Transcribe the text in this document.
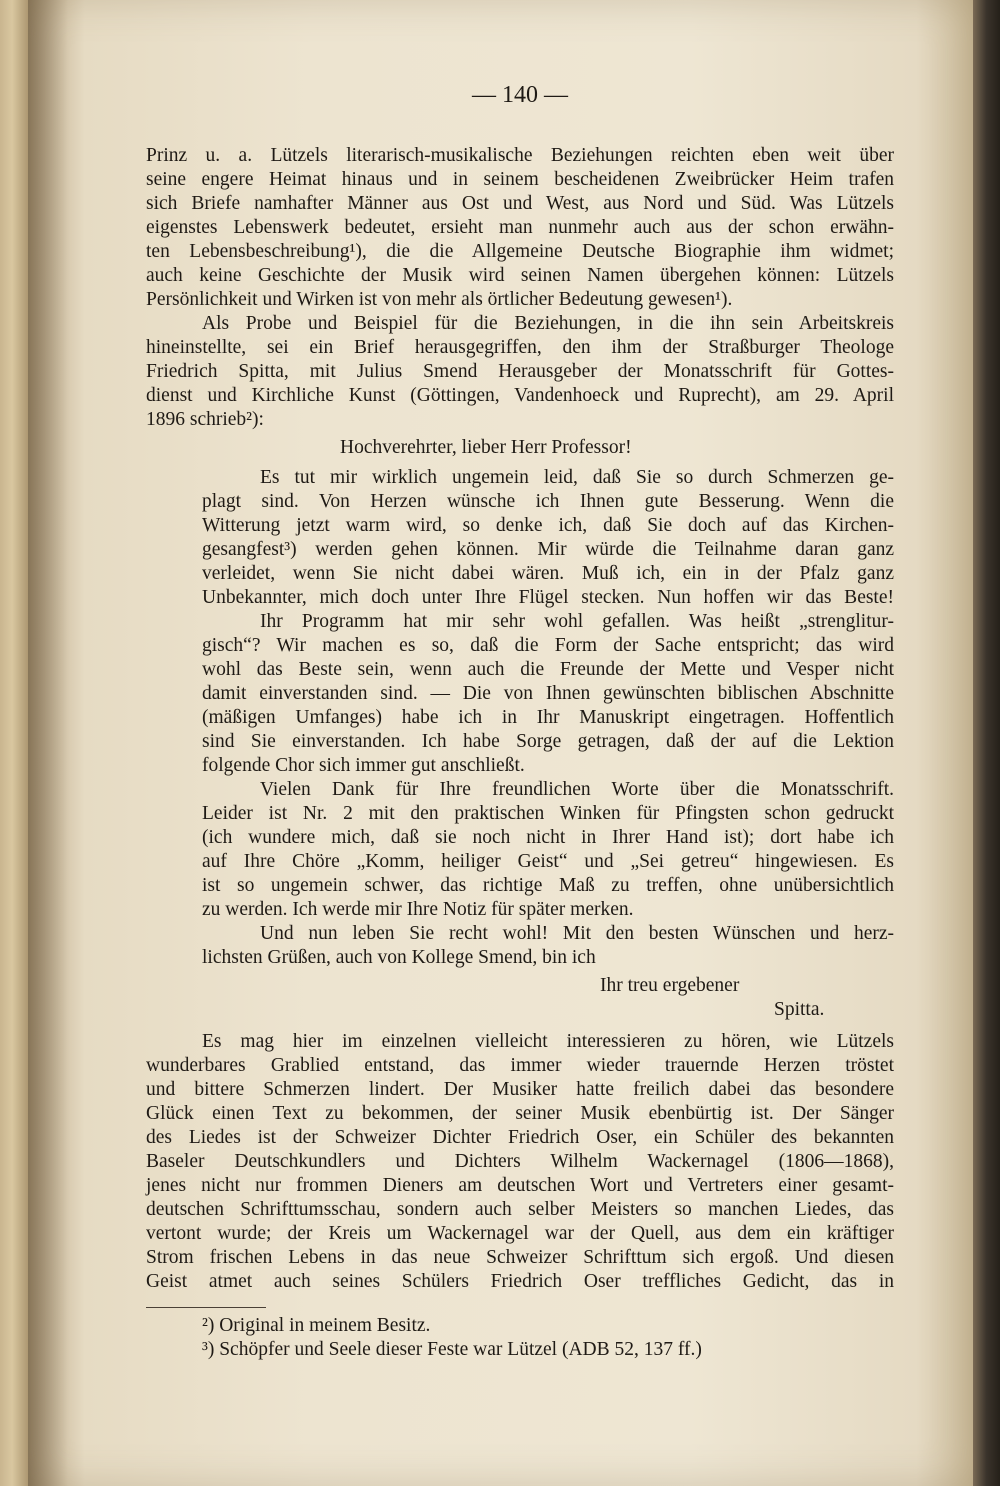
— 140 —
Prinz u. a. Lützels literarisch-musikalische Beziehungen reichten eben weit über
seine engere Heimat hinaus und in seinem bescheidenen Zweibrücker Heim trafen
sich Briefe namhafter Männer aus Ost und West, aus Nord und Süd. Was Lützels
eigenstes Lebenswerk bedeutet, ersieht man nunmehr auch aus der schon erwähn-
ten Lebensbeschreibung¹), die die Allgemeine Deutsche Biographie ihm widmet;
auch keine Geschichte der Musik wird seinen Namen übergehen können: Lützels
Persönlichkeit und Wirken ist von mehr als örtlicher Bedeutung gewesen¹).
Als Probe und Beispiel für die Beziehungen, in die ihn sein Arbeitskreis
hineinstellte, sei ein Brief herausgegriffen, den ihm der Straßburger Theologe
Friedrich Spitta, mit Julius Smend Herausgeber der Monatsschrift für Gottes-
dienst und Kirchliche Kunst (Göttingen, Vandenhoeck und Ruprecht), am 29. April
1896 schrieb²):
Hochverehrter, lieber Herr Professor!
Es tut mir wirklich ungemein leid, daß Sie so durch Schmerzen ge-
plagt sind. Von Herzen wünsche ich Ihnen gute Besserung. Wenn die
Witterung jetzt warm wird, so denke ich, daß Sie doch auf das Kirchen-
gesangfest³) werden gehen können. Mir würde die Teilnahme daran ganz
verleidet, wenn Sie nicht dabei wären. Muß ich, ein in der Pfalz ganz
Unbekannter, mich doch unter Ihre Flügel stecken. Nun hoffen wir das Beste!
Ihr Programm hat mir sehr wohl gefallen. Was heißt „strenglitur-
gisch“? Wir machen es so, daß die Form der Sache entspricht; das wird
wohl das Beste sein, wenn auch die Freunde der Mette und Vesper nicht
damit einverstanden sind. — Die von Ihnen gewünschten biblischen Abschnitte
(mäßigen Umfanges) habe ich in Ihr Manuskript eingetragen. Hoffentlich
sind Sie einverstanden. Ich habe Sorge getragen, daß der auf die Lektion
folgende Chor sich immer gut anschließt.
Vielen Dank für Ihre freundlichen Worte über die Monatsschrift.
Leider ist Nr. 2 mit den praktischen Winken für Pfingsten schon gedruckt
(ich wundere mich, daß sie noch nicht in Ihrer Hand ist); dort habe ich
auf Ihre Chöre „Komm, heiliger Geist“ und „Sei getreu“ hingewiesen. Es
ist so ungemein schwer, das richtige Maß zu treffen, ohne unübersichtlich
zu werden. Ich werde mir Ihre Notiz für später merken.
Und nun leben Sie recht wohl! Mit den besten Wünschen und herz-
lichsten Grüßen, auch von Kollege Smend, bin ich
Ihr treu ergebener
Spitta.
Es mag hier im einzelnen vielleicht interessieren zu hören, wie Lützels
wunderbares Grablied entstand, das immer wieder trauernde Herzen tröstet
und bittere Schmerzen lindert. Der Musiker hatte freilich dabei das besondere
Glück einen Text zu bekommen, der seiner Musik ebenbürtig ist. Der Sänger
des Liedes ist der Schweizer Dichter Friedrich Oser, ein Schüler des bekannten
Baseler Deutschkundlers und Dichters Wilhelm Wackernagel (1806—1868),
jenes nicht nur frommen Dieners am deutschen Wort und Vertreters einer gesamt-
deutschen Schrifttumsschau, sondern auch selber Meisters so manchen Liedes, das
vertont wurde; der Kreis um Wackernagel war der Quell, aus dem ein kräftiger
Strom frischen Lebens in das neue Schweizer Schrifttum sich ergoß. Und diesen
Geist atmet auch seines Schülers Friedrich Oser treffliches Gedicht, das in
²) Original in meinem Besitz.
³) Schöpfer und Seele dieser Feste war Lützel (ADB 52, 137 ff.)
